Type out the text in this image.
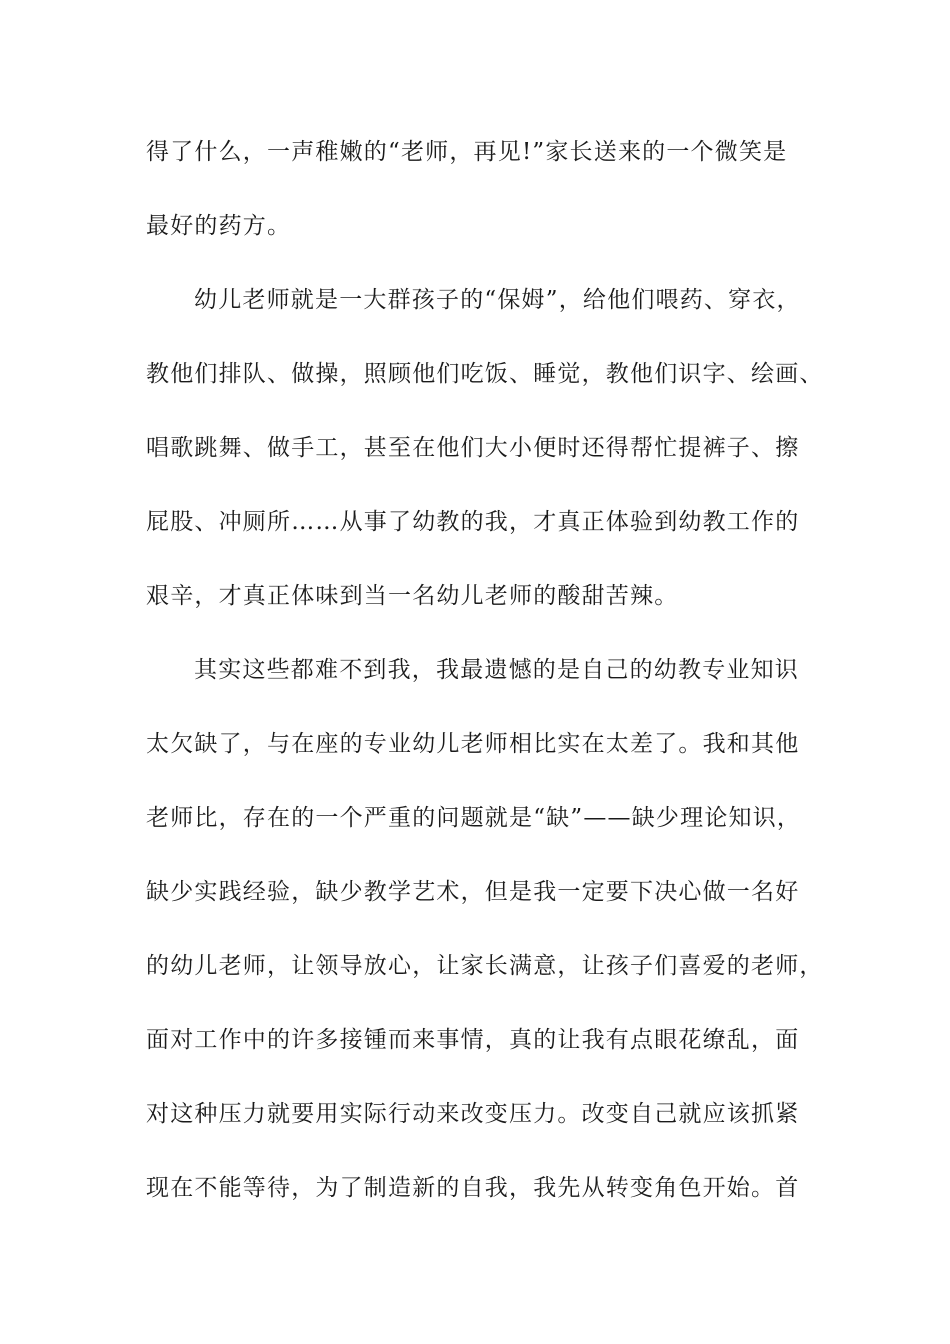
得了什么，一声稚嫩的“老师，再见!”家长送来的一个微笑是
最好的药方。
幼儿老师就是一大群孩子的“保姆”，给他们喂药、穿衣，
教他们排队、做操，照顾他们吃饭、睡觉，教他们识字、绘画、
唱歌跳舞、做手工，甚至在他们大小便时还得帮忙提裤子、擦
屁股、冲厕所……从事了幼教的我，才真正体验到幼教工作的
艰辛，才真正体味到当一名幼儿老师的酸甜苦辣。
其实这些都难不到我，我最遗憾的是自己的幼教专业知识
太欠缺了，与在座的专业幼儿老师相比实在太差了。我和其他
老师比，存在的一个严重的问题就是“缺”——缺少理论知识，
缺少实践经验，缺少教学艺术，但是我一定要下决心做一名好
的幼儿老师，让领导放心，让家长满意，让孩子们喜爱的老师，
面对工作中的许多接锺而来事情，真的让我有点眼花缭乱，面
对这种压力就要用实际行动来改变压力。改变自己就应该抓紧
现在不能等待，为了制造新的自我，我先从转变角色开始。首
